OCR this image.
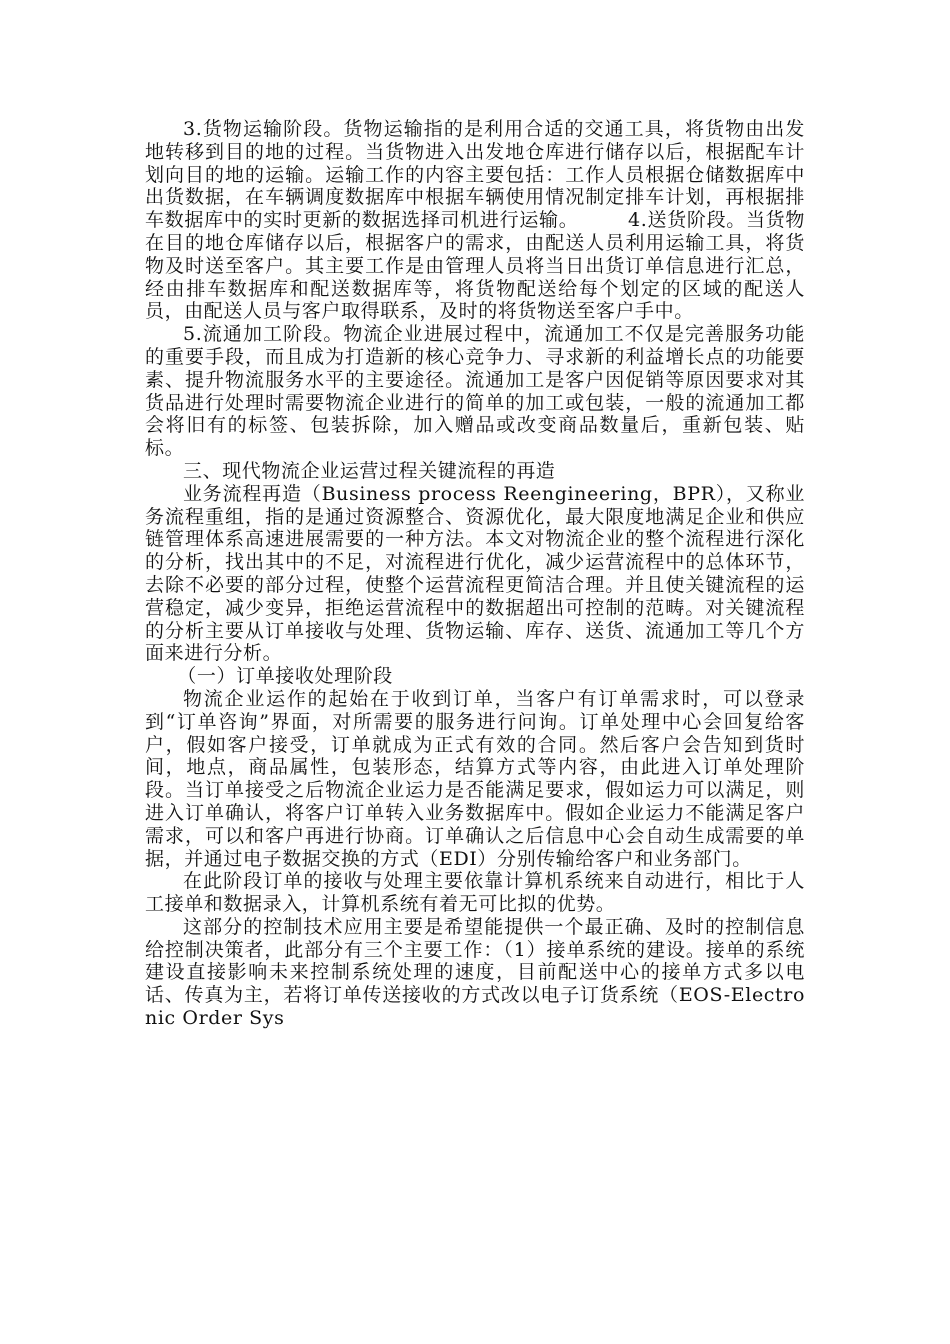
3.货物运输阶段。货物运输指的是利用合适的交通工具，将货物由出发地转移到目的地的过程。当货物进入出发地仓库进行储存以后，根据配车计划向目的地的运输。运输工作的内容主要包括：工作人员根据仓储数据库中出货数据，在车辆调度数据库中根据车辆使用情况制定排车计划，再根据排车数据库中的实时更新的数据选择司机进行运输。　　　4.送货阶段。当货物在目的地仓库储存以后，根据客户的需求，由配送人员利用运输工具，将货物及时送至客户。其主要工作是由管理人员将当日出货订单信息进行汇总，经由排车数据库和配送数据库等，将货物配送给每个划定的区域的配送人员，由配送人员与客户取得联系，及时的将货物送至客户手中。

5.流通加工阶段。物流企业进展过程中，流通加工不仅是完善服务功能的重要手段，而且成为打造新的核心竞争力、寻求新的利益增长点的功能要素、提升物流服务水平的主要途径。流通加工是客户因促销等原因要求对其货品进行处理时需要物流企业进行的简单的加工或包装，一般的流通加工都会将旧有的标签、包装拆除，加入赠品或改变商品数量后，重新包装、贴标。

三、现代物流企业运营过程关键流程的再造

业务流程再造（Business process Reengineering，BPR），又称业务流程重组，指的是通过资源整合、资源优化，最大限度地满足企业和供应链管理体系高速进展需要的一种方法。本文对物流企业的整个流程进行深化的分析，找出其中的不足，对流程进行优化，减少运营流程中的总体环节，去除不必要的部分过程，使整个运营流程更简洁合理。并且使关键流程的运营稳定，减少变异，拒绝运营流程中的数据超出可控制的范畴。对关键流程的分析主要从订单接收与处理、货物运输、库存、送货、流通加工等几个方面来进行分析。

（一）订单接收处理阶段

物流企业运作的起始在于收到订单，当客户有订单需求时，可以登录到“订单咨询”界面，对所需要的服务进行问询。订单处理中心会回复给客户，假如客户接受，订单就成为正式有效的合同。然后客户会告知到货时间，地点，商品属性，包装形态，结算方式等内容，由此进入订单处理阶段。当订单接受之后物流企业运力是否能满足要求，假如运力可以满足，则进入订单确认，将客户订单转入业务数据库中。假如企业运力不能满足客户需求，可以和客户再进行协商。订单确认之后信息中心会自动生成需要的单据，并通过电子数据交换的方式（EDI）分别传输给客户和业务部门。

在此阶段订单的接收与处理主要依靠计算机系统来自动进行，相比于人工接单和数据录入，计算机系统有着无可比拟的优势。

这部分的控制技术应用主要是希望能提供一个最正确、及时的控制信息给控制决策者，此部分有三个主要工作：（1）接单系统的建设。接单的系统建设直接影响未来控制系统处理的速度，目前配送中心的接单方式多以电话、传真为主，若将订单传送接收的方式改以电子订货系统（EOS-Electronic Order Sys
